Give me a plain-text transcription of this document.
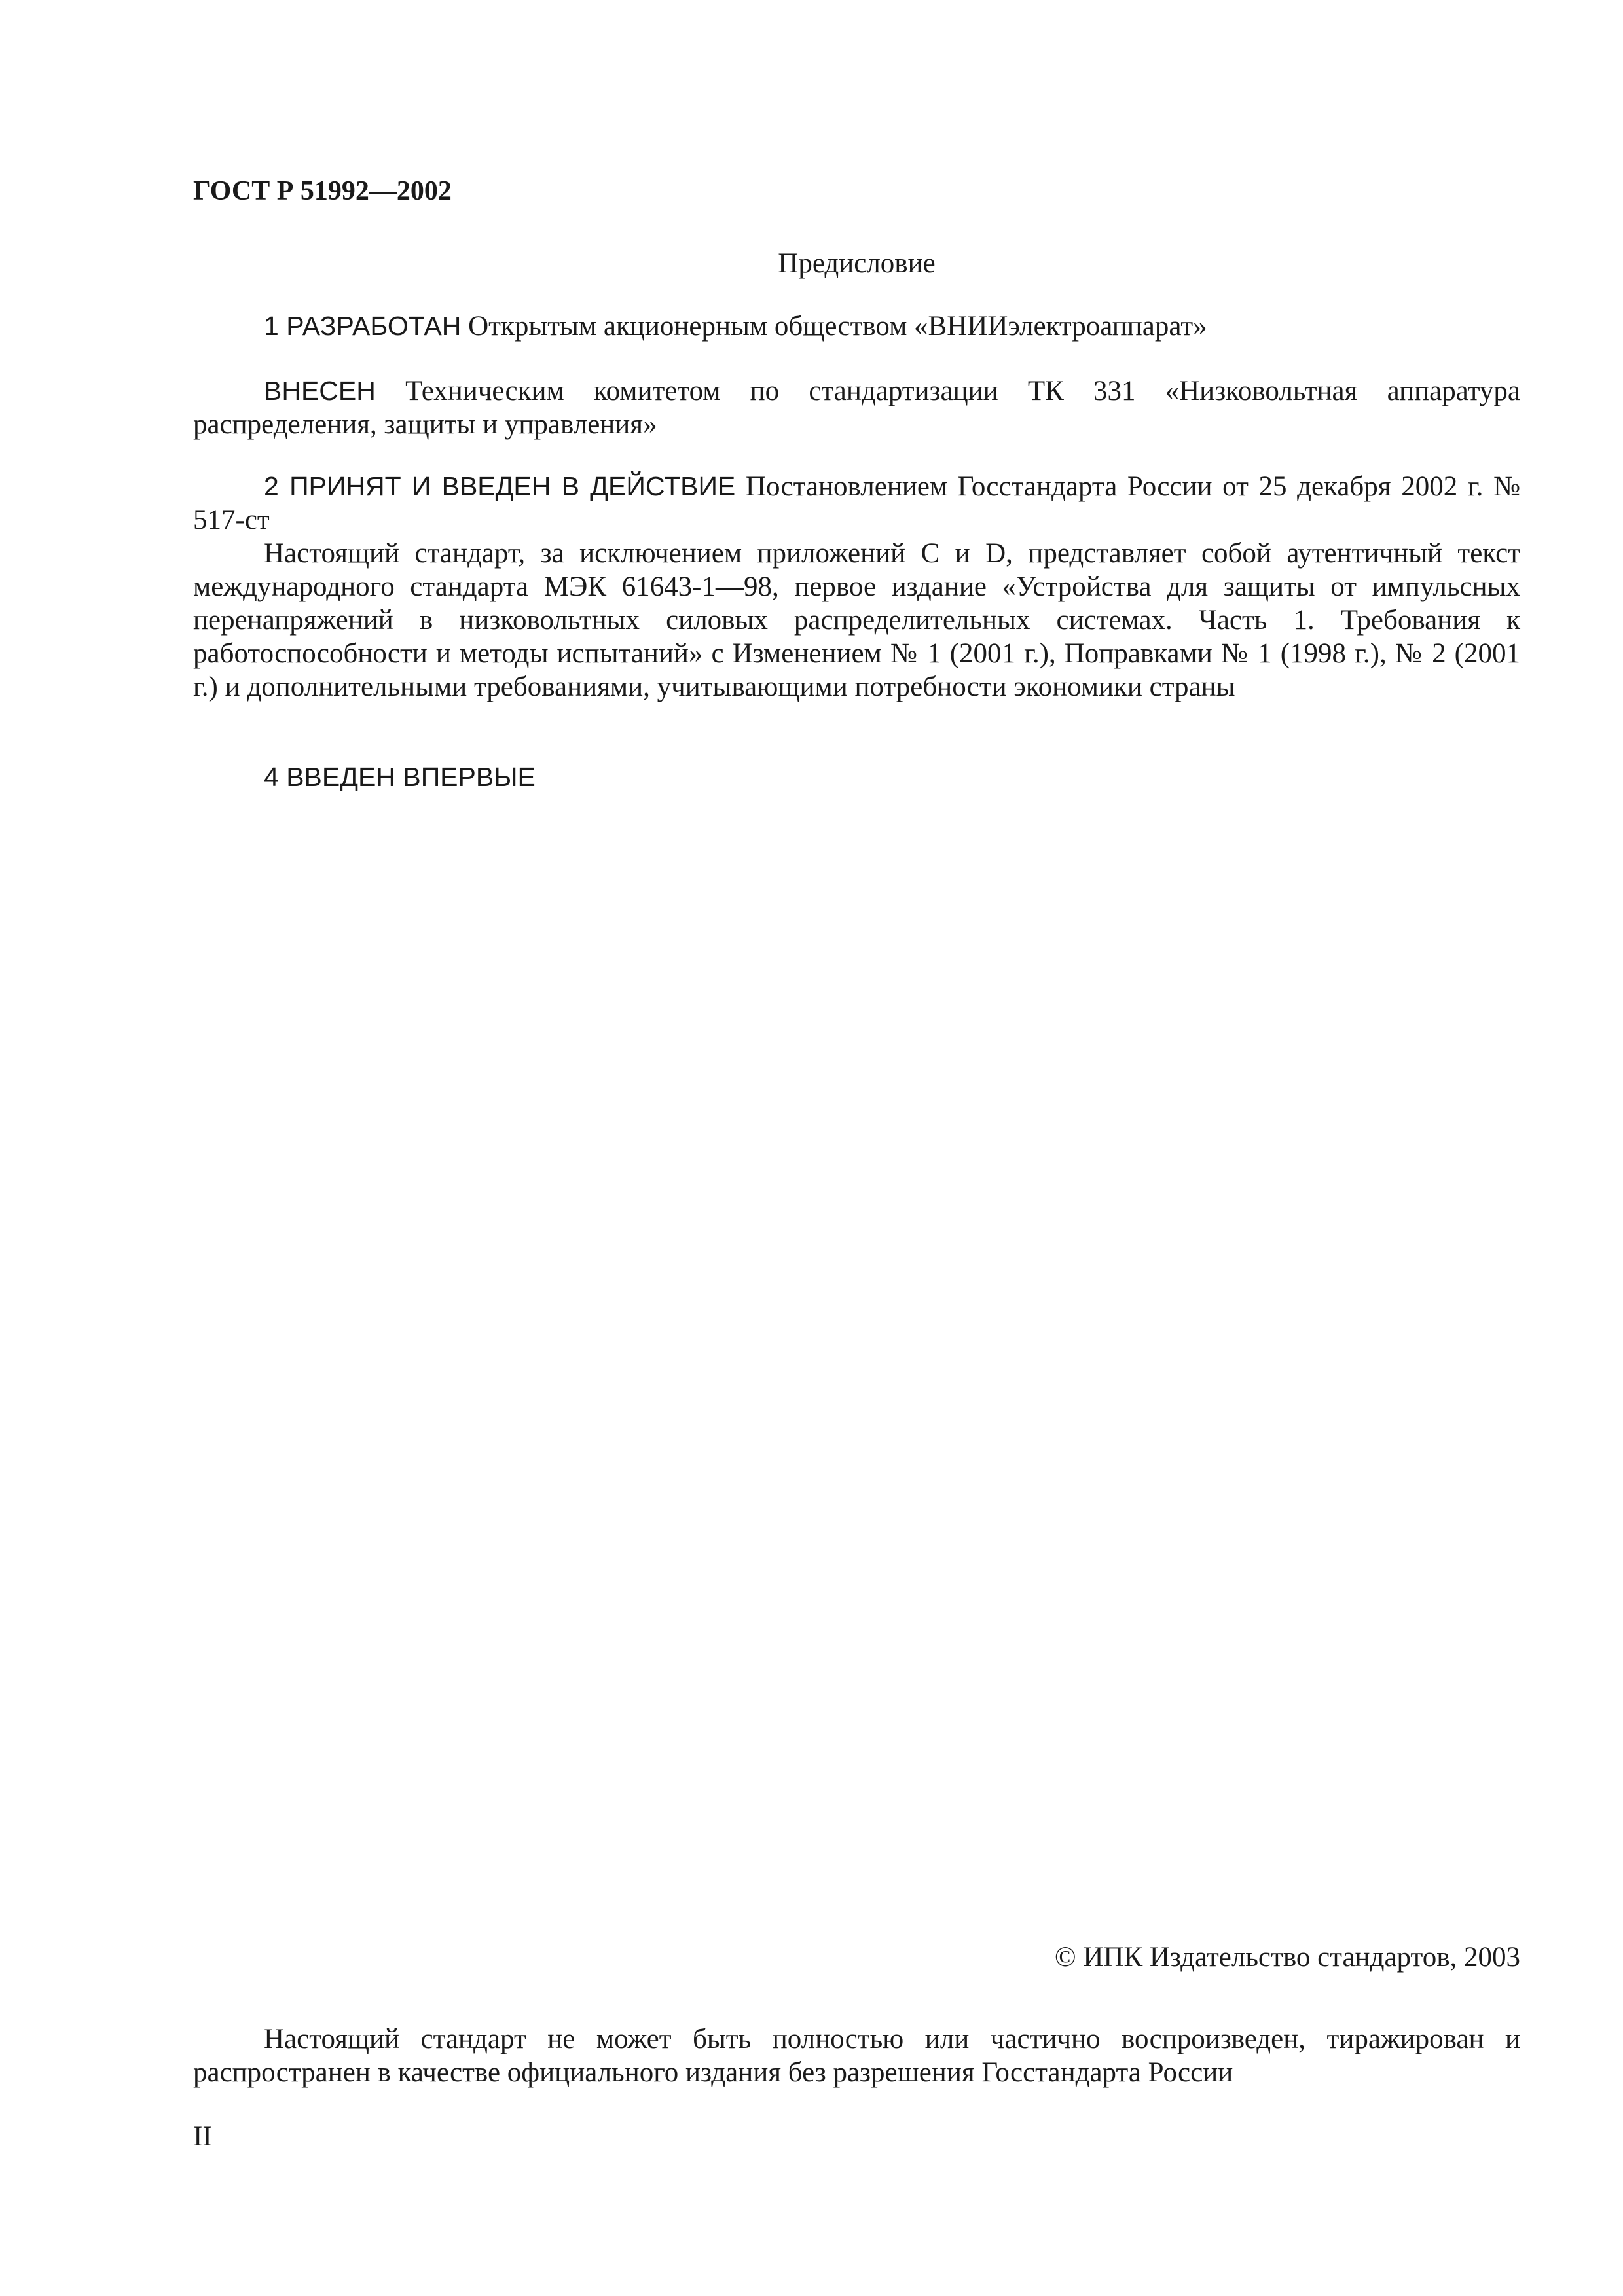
ГОСТ Р 51992—2002
Предисловие
1 РАЗРАБОТАН Открытым акционерным обществом «ВНИИэлектроаппарат»
ВНЕСЕН Техническим комитетом по стандартизации ТК 331 «Низковольтная аппаратура распределения, защиты и управления»
2 ПРИНЯТ И ВВЕДЕН В ДЕЙСТВИЕ Постановлением Госстандарта России от 25 декабря 2002 г. № 517-ст
Настоящий стандарт, за исключением приложений С и D, представляет собой аутентичный текст международного стандарта МЭК 61643-1—98, первое издание «Устройства для защиты от импульсных перенапряжений в низковольтных силовых распределительных системах. Часть 1. Требования к работоспособности и методы испытаний» с Изменением № 1 (2001 г.), Поправками № 1 (1998 г.), № 2 (2001 г.) и дополнительными требованиями, учитывающими потребности экономики страны
4 ВВЕДЕН ВПЕРВЫЕ
© ИПК Издательство стандартов, 2003
Настоящий стандарт не может быть полностью или частично воспроизведен, тиражирован и распространен в качестве официального издания без разрешения Госстандарта России
II
